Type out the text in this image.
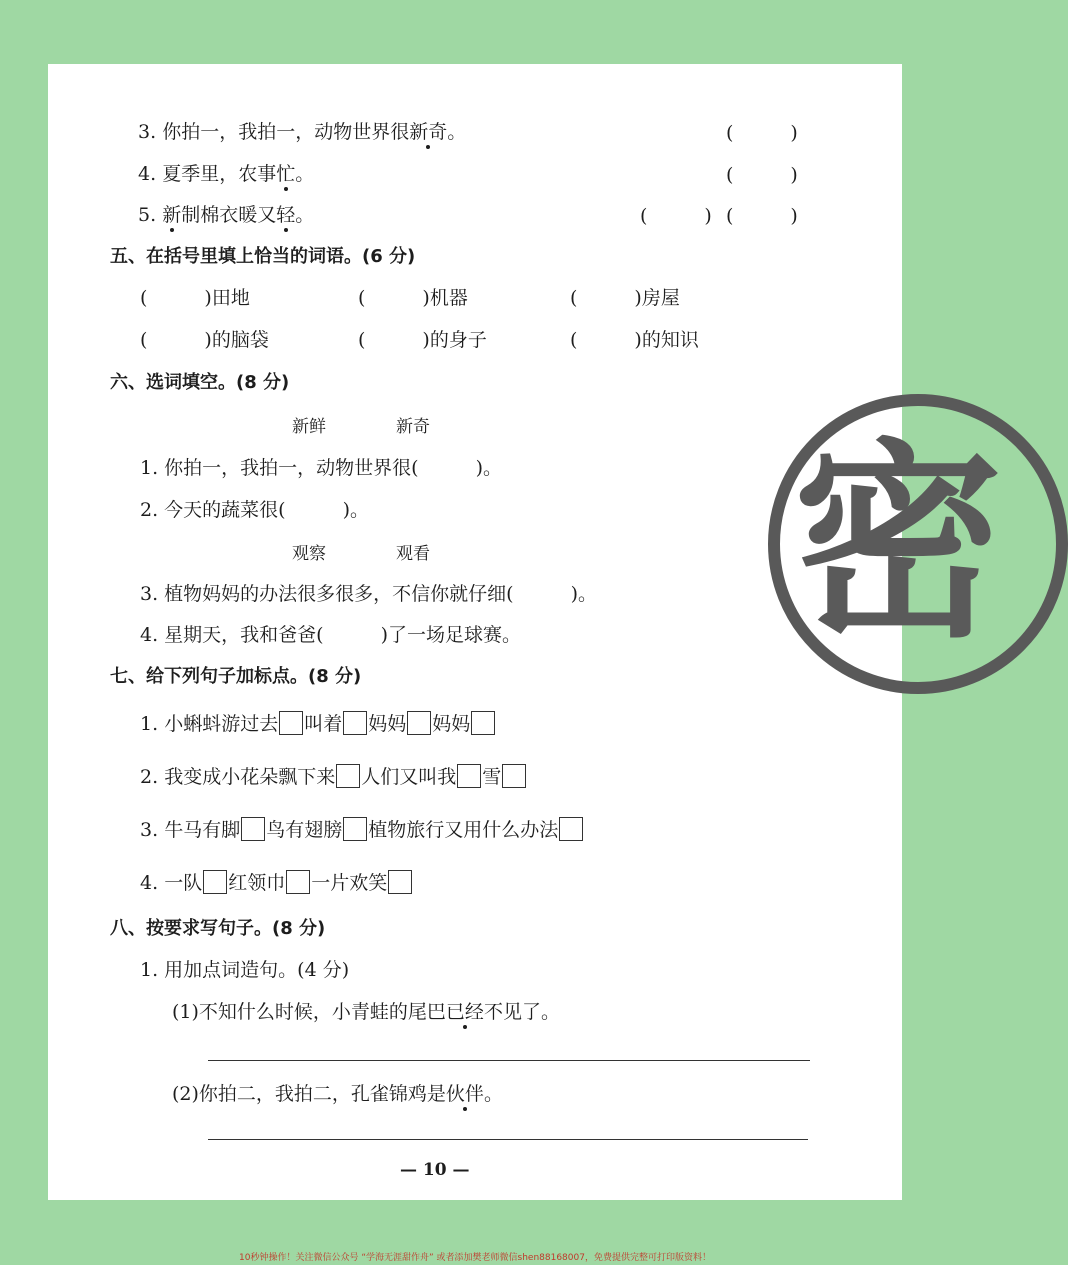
3. 你拍一，我拍一，动物世界很新奇。	(　　　)
4. 夏季里，农事忙。	(　　　)
5. 新制棉衣暖又轻。	(　　　) (　　　)
五、在括号里填上恰当的词语。(6 分)
(　　　)田地	(　　　)机器	(　　　)房屋
(　　　)的脑袋	(　　　)的身子	(　　　)的知识
六、选词填空。(8 分)
新鲜	新奇
1. 你拍一，我拍一，动物世界很(　　　)。
2. 今天的蔬菜很(　　　)。
观察	观看
3. 植物妈妈的办法很多很多，不信你就仔细(　　　)。
4. 星期天，我和爸爸(　　　)了一场足球赛。
七、给下列句子加标点。(8 分)
1. 小蝌蚪游过去 叫着 妈妈 妈妈
2. 我变成小花朵飘下来 人们又叫我 雪
3. 牛马有脚 鸟有翅膀 植物旅行又用什么办法
4. 一队 红领巾 一片欢笑
八、按要求写句子。(8 分)
1. 用加点词造句。(4 分)
(1)不知什么时候，小青蛙的尾巴已经不见了。
(2)你拍二，我拍二，孔雀锦鸡是伙伴。
— 10 —
密
10秒钟操作！关注微信公众号 “学海无涯甜作舟” 或者添加樊老师微信shen88168007，免费提供完整可打印版资料！
